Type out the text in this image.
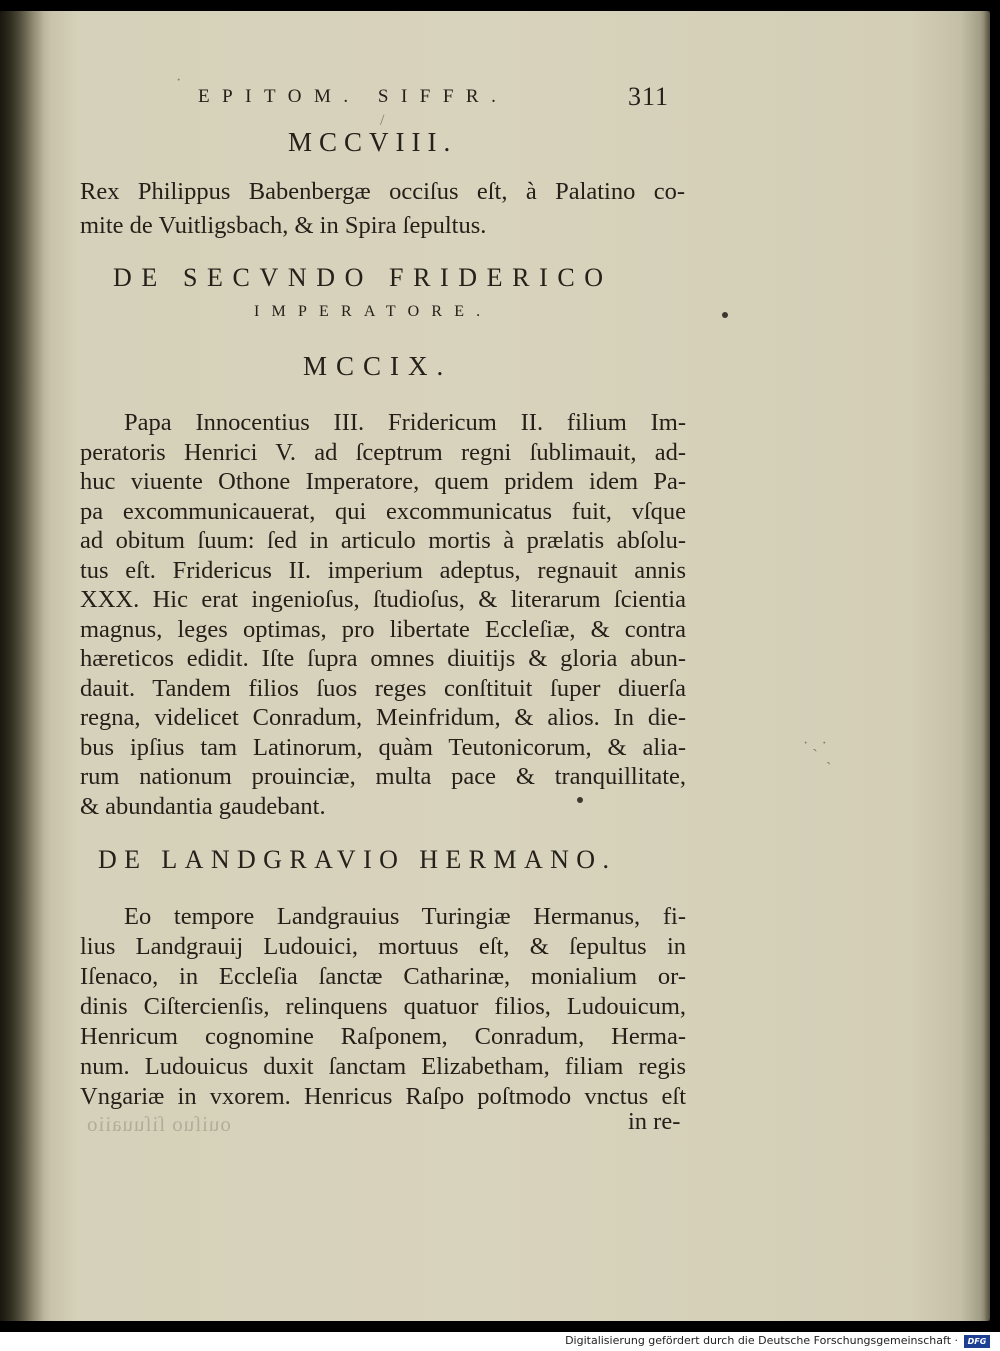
EPITOM. SIFFR.	311
MCCVIII.
Rex Philippus Babenbergæ occiſus eſt, à Palatino co-
mite de Vuitligsbach, & in Spira ſepultus.
DE SECVNDO FRIDERICO
IMPERATORE.
MCCIX.
Papa Innocentius III. Fridericum II. filium Im-
peratoris Henrici V. ad ſceptrum regni ſublimauit, ad-
huc viuente Othone Imperatore, quem pridem idem Pa-
pa excommunicauerat, qui excommunicatus fuit, vſque
ad obitum ſuum: ſed in articulo mortis à prælatis abſolu-
tus eſt. Fridericus II. imperium adeptus, regnauit annis
XXX. Hic erat ingenioſus, ſtudioſus, & literarum ſcientia
magnus, leges optimas, pro libertate Eccleſiæ, & contra
hæreticos edidit. Iſte ſupra omnes diuitijs & gloria abun-
dauit. Tandem filios ſuos reges conſtituit ſuper diuerſa
regna, videlicet Conradum, Meinfridum, & alios. In die-
bus ipſius tam Latinorum, quàm Teutonicorum, & alia-
rum nationum prouinciæ, multa pace & tranquillitate,
& abundantia gaudebant.
DE LANDGRAVIO HERMANO.
Eo tempore Landgrauius Turingiæ Hermanus, fi-
lius Landgrauij Ludouici, mortuus eſt, & ſepultus in
Iſenaco, in Eccleſia ſanctæ Catharinæ, monialium or-
dinis Ciſtercienſis, relinquens quatuor filios, Ludouicum,
Henricum cognomine Raſponem, Conradum, Herma-
num. Ludouicus duxit ſanctam Elizabetham, filiam regis
Vngariæ in vxorem. Henricus Raſpo poſtmodo vnctus eſt
ouiſuo ſiſuuaiio	in re-
· ˎ ·
ˏ
·
/
Digitalisierung gefördert durch die Deutsche Forschungsgemeinschaft ·	DFG
